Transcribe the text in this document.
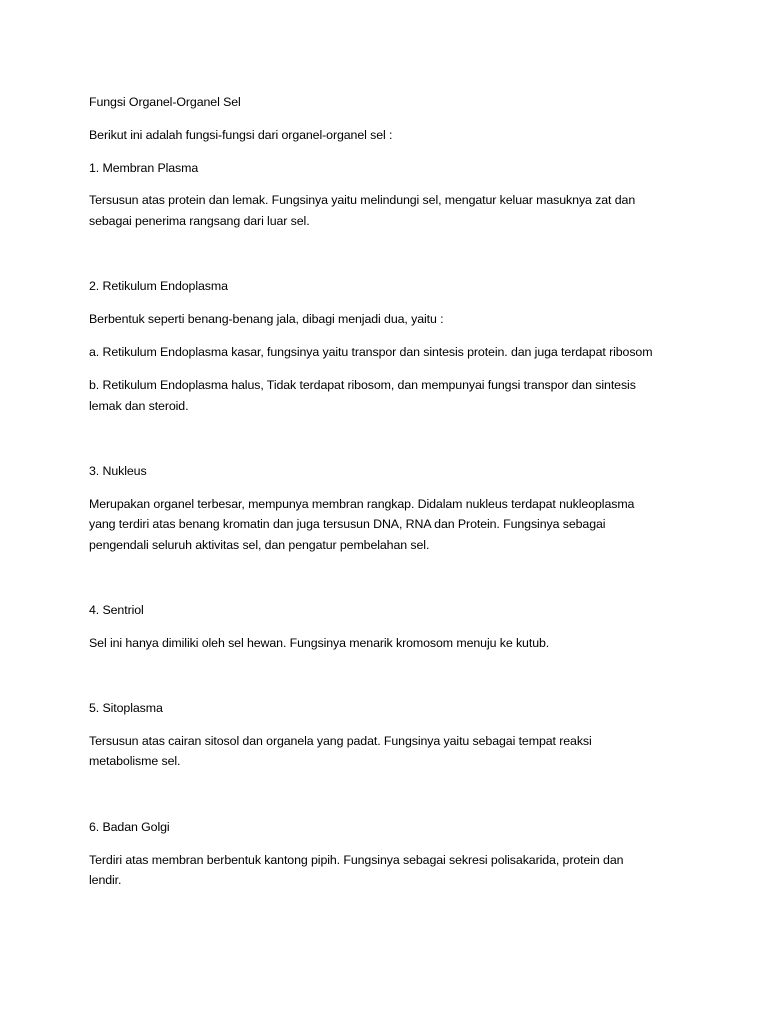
Fungsi Organel-Organel Sel
Berikut ini adalah fungsi-fungsi dari organel-organel sel :
1. Membran Plasma
Tersusun atas protein dan lemak. Fungsinya yaitu melindungi sel, mengatur keluar masuknya zat dan
sebagai penerima rangsang dari luar sel.
2. Retikulum Endoplasma
Berbentuk seperti benang-benang jala, dibagi menjadi dua, yaitu :
a. Retikulum Endoplasma kasar, fungsinya yaitu transpor dan sintesis protein. dan juga terdapat ribosom
b. Retikulum Endoplasma halus, Tidak terdapat ribosom, dan mempunyai fungsi transpor dan sintesis
lemak dan steroid.
3. Nukleus
Merupakan organel terbesar, mempunya membran rangkap. Didalam nukleus terdapat nukleoplasma
yang terdiri atas benang kromatin dan juga tersusun DNA, RNA dan Protein. Fungsinya sebagai
pengendali seluruh aktivitas sel, dan pengatur pembelahan sel.
4. Sentriol
Sel ini hanya dimiliki oleh sel hewan. Fungsinya menarik kromosom menuju ke kutub.
5. Sitoplasma
Tersusun atas cairan sitosol dan organela yang padat. Fungsinya yaitu sebagai tempat reaksi
metabolisme sel.
6. Badan Golgi
Terdiri atas membran berbentuk kantong pipih. Fungsinya sebagai sekresi polisakarida, protein dan
lendir.
